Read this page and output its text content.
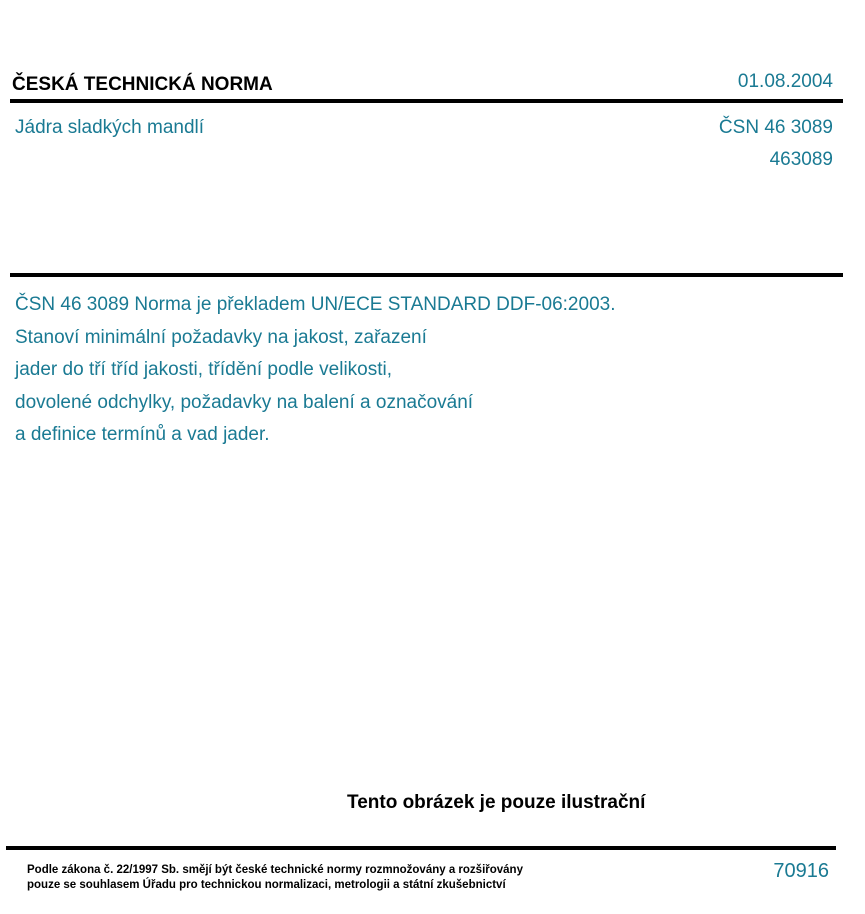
ČESKÁ TECHNICKÁ NORMA	01.08.2004
Jádra sladkých mandlí	ČSN 46 3089
463089
ČSN 46 3089 Norma je překladem UN/ECE STANDARD DDF-06:2003.
Stanoví minimální požadavky na jakost, zařazení
jader do tří tříd jakosti, třídění podle velikosti,
dovolené odchylky, požadavky na balení a označování
a definice termínů a vad jader.
Tento obrázek je pouze ilustrační
Podle zákona č. 22/1997 Sb. smějí být české technické normy rozmnožovány a rozšiřovány
pouze se souhlasem Úřadu pro technickou normalizaci, metrologii a státní zkušebnictví
70916
